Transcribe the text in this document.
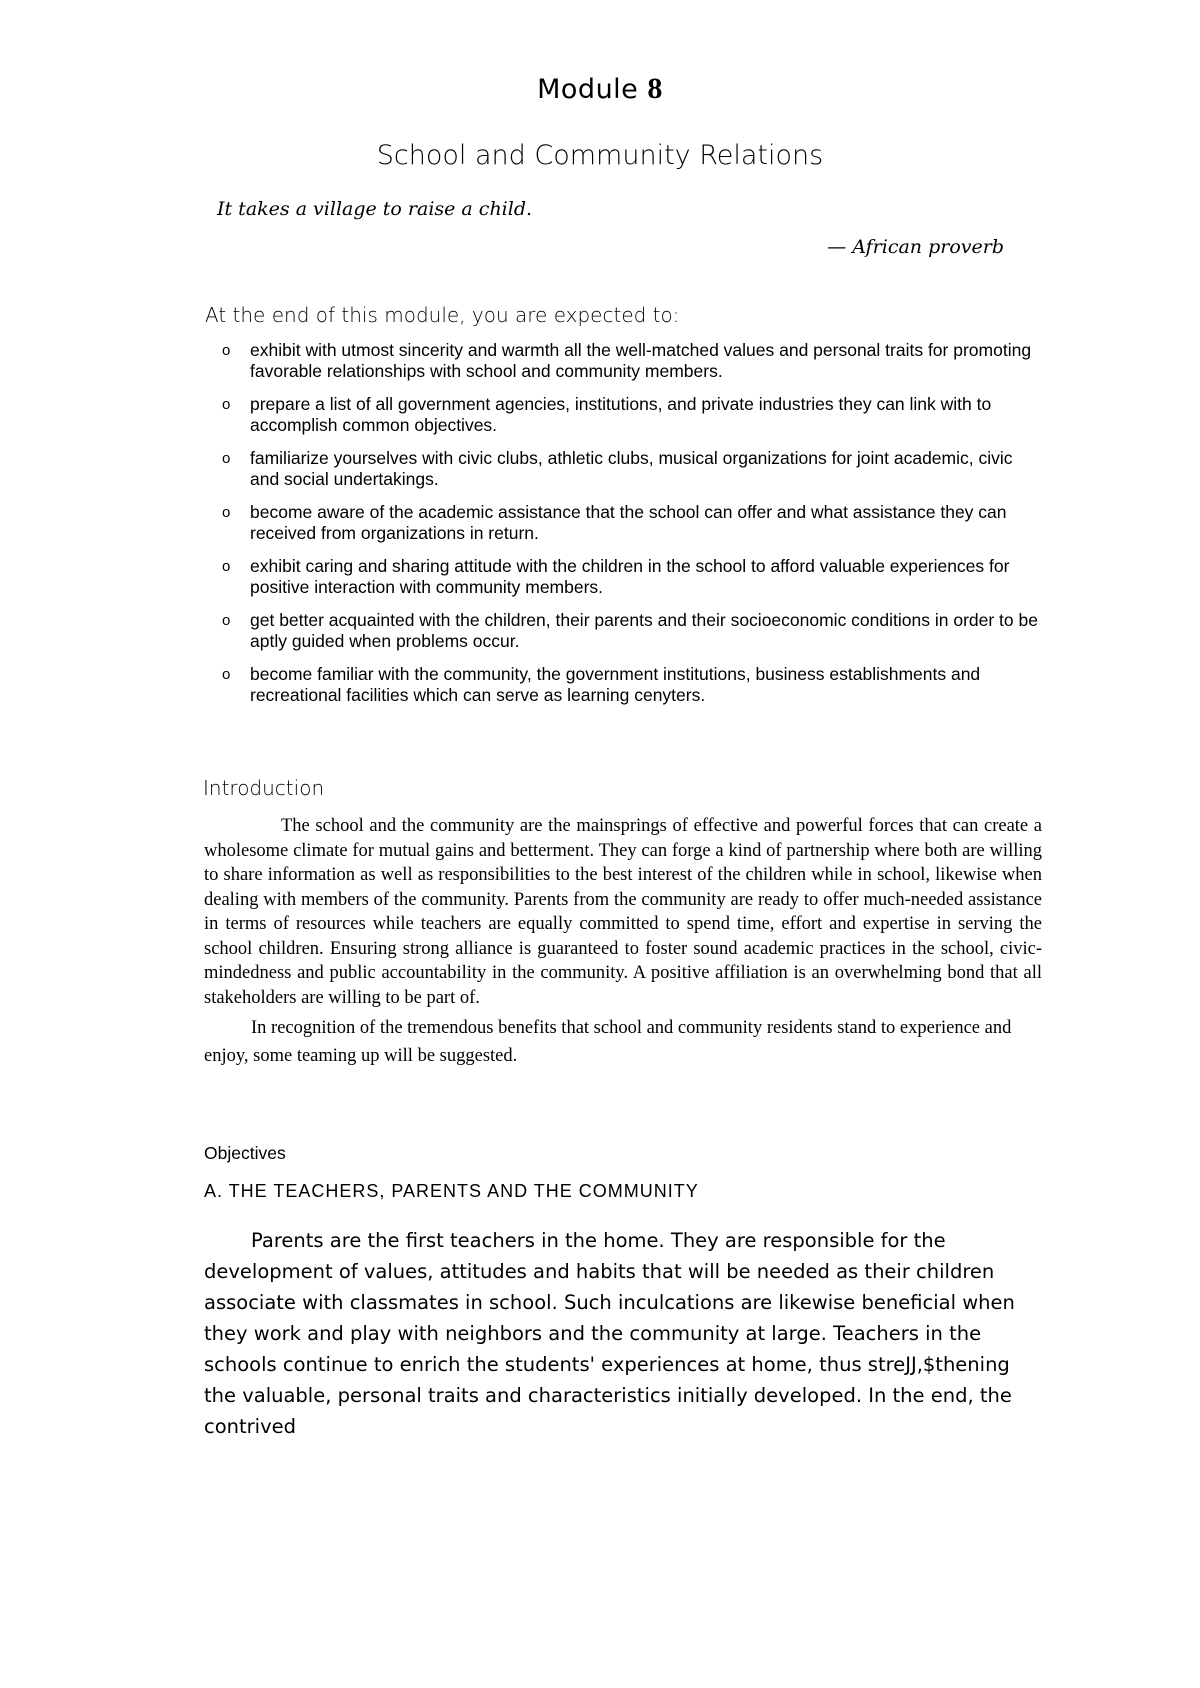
Module 8
School and Community Relations
It takes a village to raise a child.
— African proverb
At the end of this module, you are expected to:
o exhibit with utmost sincerity and warmth all the well-matched values and personal traits for promoting favorable relationships with school and community members.
o prepare a list of all government agencies, institutions, and private industries they can link with to accomplish common objectives.
o familiarize yourselves with civic clubs, athletic clubs, musical organizations for joint academic, civic and social undertakings.
o become aware of the academic assistance that the school can offer and what assistance they can received from organizations in return.
o exhibit caring and sharing attitude with the children in the school to afford valuable experiences for positive interaction with community members.
o get better acquainted with the children, their parents and their socioeconomic conditions in order to be aptly guided when problems occur.
o become familiar with the community, the government institutions, business establishments and recreational facilities which can serve as learning cenyters.
Introduction

The school and the community are the mainsprings of effective and powerful forces that can create a wholesome climate for mutual gains and betterment. They can forge a kind of partnership where both are willing to share information as well as responsibilities to the best interest of the children while in school, likewise when dealing with members of the community. Parents from the community are ready to offer much-needed assistance in terms of resources while teachers are equally committed to spend time, effort and expertise in serving the school children. Ensuring strong alliance is guaranteed to foster sound academic practices in the school, civic-mindedness and public accountability in the community. A positive affiliation is an overwhelming bond that all stakeholders are willing to be part of.

In recognition of the tremendous benefits that school and community residents stand to experience and enjoy, some teaming up will be suggested.

Objectives
A. THE TEACHERS, PARENTS AND THE COMMUNITY

Parents are the first teachers in the home. They are responsible for the development of values, attitudes and habits that will be needed as their children associate with classmates in school. Such inculcations are likewise beneficial when they work and play with neighbors and the community at large. Teachers in the schools continue to enrich the students' experiences at home, thus streJJ,$thening the valuable, personal traits and characteristics initially developed. In the end, the contrived
